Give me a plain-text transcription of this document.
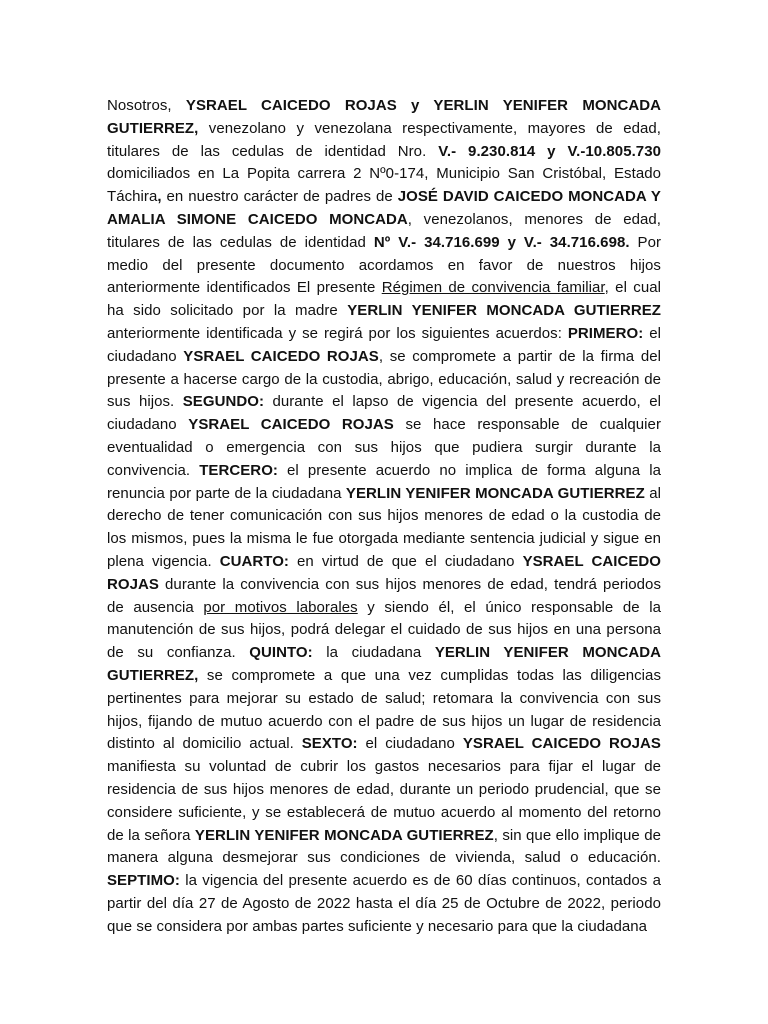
Nosotros, YSRAEL CAICEDO ROJAS y YERLIN YENIFER MONCADA GUTIERREZ, venezolano y venezolana respectivamente, mayores de edad, titulares de las cedulas de identidad Nro. V.- 9.230.814 y V.-10.805.730 domiciliados en La Popita carrera 2 Nº0-174, Municipio San Cristóbal, Estado Táchira, en nuestro carácter de padres de JOSÉ DAVID CAICEDO MONCADA Y AMALIA SIMONE CAICEDO MONCADA, venezolanos, menores de edad, titulares de las cedulas de identidad Nº V.- 34.716.699 y V.- 34.716.698. Por medio del presente documento acordamos en favor de nuestros hijos anteriormente identificados El presente Régimen de convivencia familiar, el cual ha sido solicitado por la madre YERLIN YENIFER MONCADA GUTIERREZ anteriormente identificada y se regirá por los siguientes acuerdos: PRIMERO: el ciudadano YSRAEL CAICEDO ROJAS, se compromete a partir de la firma del presente a hacerse cargo de la custodia, abrigo, educación, salud y recreación de sus hijos. SEGUNDO: durante el lapso de vigencia del presente acuerdo, el ciudadano YSRAEL CAICEDO ROJAS se hace responsable de cualquier eventualidad o emergencia con sus hijos que pudiera surgir durante la convivencia. TERCERO: el presente acuerdo no implica de forma alguna la renuncia por parte de la ciudadana YERLIN YENIFER MONCADA GUTIERREZ al derecho de tener comunicación con sus hijos menores de edad o la custodia de los mismos, pues la misma le fue otorgada mediante sentencia judicial y sigue en plena vigencia. CUARTO: en virtud de que el ciudadano YSRAEL CAICEDO ROJAS durante la convivencia con sus hijos menores de edad, tendrá periodos de ausencia por motivos laborales y siendo él, el único responsable de la manutención de sus hijos, podrá delegar el cuidado de sus hijos en una persona de su confianza. QUINTO: la ciudadana YERLIN YENIFER MONCADA GUTIERREZ, se compromete a que una vez cumplidas todas las diligencias pertinentes para mejorar su estado de salud; retomara la convivencia con sus hijos, fijando de mutuo acuerdo con el padre de sus hijos un lugar de residencia distinto al domicilio actual. SEXTO: el ciudadano YSRAEL CAICEDO ROJAS manifiesta su voluntad de cubrir los gastos necesarios para fijar el lugar de residencia de sus hijos menores de edad, durante un periodo prudencial, que se considere suficiente, y se establecerá de mutuo acuerdo al momento del retorno de la señora YERLIN YENIFER MONCADA GUTIERREZ, sin que ello implique de manera alguna desmejorar sus condiciones de vivienda, salud o educación. SEPTIMO: la vigencia del presente acuerdo es de 60 días continuos, contados a partir del día 27 de Agosto de 2022 hasta el día 25 de Octubre de 2022, periodo que se considera por ambas partes suficiente y necesario para que la ciudadana
